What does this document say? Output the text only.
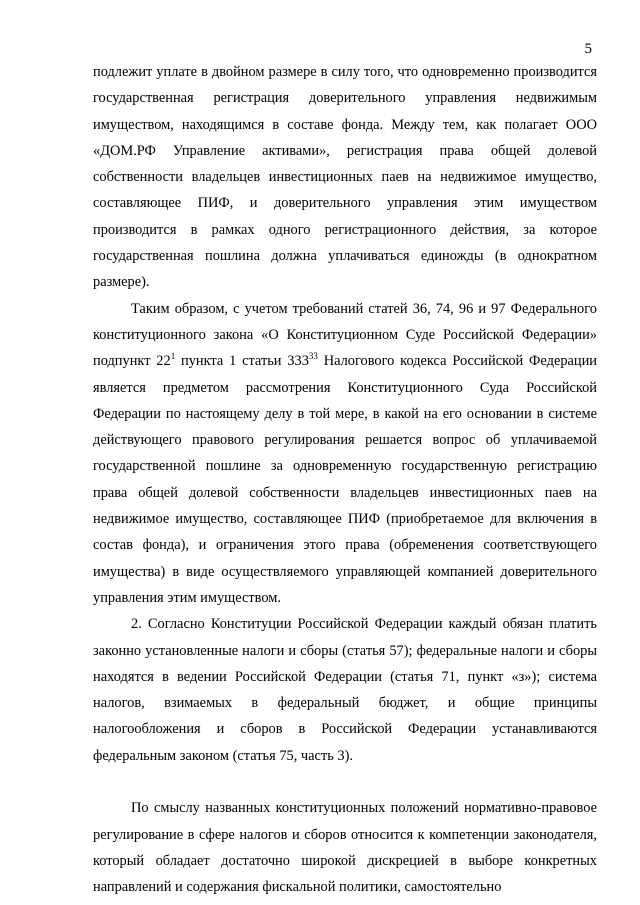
5

подлежит уплате в двойном размере в силу того, что одновременно производится государственная регистрация доверительного управления недвижимым имуществом, находящимся в составе фонда. Между тем, как полагает ООО «ДОМ.РФ Управление активами», регистрация права общей долевой собственности владельцев инвестиционных паев на недвижимое имущество, составляющее ПИФ, и доверительного управления этим имуществом производится в рамках одного регистрационного действия, за которое государственная пошлина должна уплачиваться единожды (в однократном размере).

Таким образом, с учетом требований статей 36, 74, 96 и 97 Федерального конституционного закона «О Конституционном Суде Российской Федерации» подпункт $22^1$ пункта 1 статьи $333^{33}$ Налогового кодекса Российской Федерации является предметом рассмотрения Конституционного Суда Российской Федерации по настоящему делу в той мере, в какой на его основании в системе действующего правового регулирования решается вопрос об уплачиваемой государственной пошлине за одновременную государственную регистрацию права общей долевой собственности владельцев инвестиционных паев на недвижимое имущество, составляющее ПИФ (приобретаемое для включения в состав фонда), и ограничения этого права (обременения соответствующего имущества) в виде осуществляемого управляющей компанией доверительного управления этим имуществом.

2. Согласно Конституции Российской Федерации каждый обязан платить законно установленные налоги и сборы (статья 57); федеральные налоги и сборы находятся в ведении Российской Федерации (статья 71, пункт «з»); система налогов, взимаемых в федеральный бюджет, и общие принципы налогообложения и сборов в Российской Федерации устанавливаются федеральным законом (статья 75, часть 3).

По смыслу названных конституционных положений нормативно-правовое регулирование в сфере налогов и сборов относится к компетенции законодателя, который обладает достаточно широкой дискрецией в выборе конкретных направлений и содержания фискальной политики, самостоятельно
